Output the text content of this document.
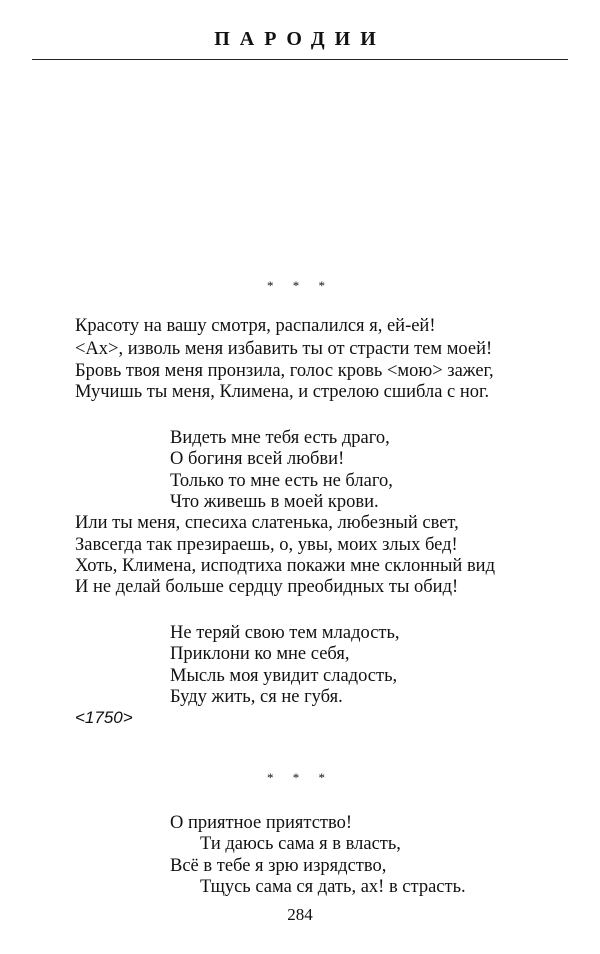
ПАРОДИИ
* * *
Красоту на вашу смотря, распалился я, ей-ей!
<Ах>, изволь меня избавить ты от страсти тем моей!
Бровь твоя меня пронзила, голос кровь <мою> зажег,
Мучишь ты меня, Климена, и стрелою сшибла с ног.
Видеть мне тебя есть драго,
О богиня всей любви!
Только то мне есть не благо,
Что живешь в моей крови.
Или ты меня, спесиха слатенька, любезный свет,
Завсегда так презираешь, о, увы, моих злых бед!
Хоть, Климена, исподтиха покажи мне склонный вид
И не делай больше сердцу преобидных ты обид!
Не теряй свою тем младость,
Приклони ко мне себя,
Мысль моя увидит сладость,
Буду жить, ся не губя.
<1750>
* * *
О приятное приятство!
Ти даюсь сама я в власть,
Всё в тебе я зрю изрядство,
Тщусь сама ся дать, ах! в страсть.
284
